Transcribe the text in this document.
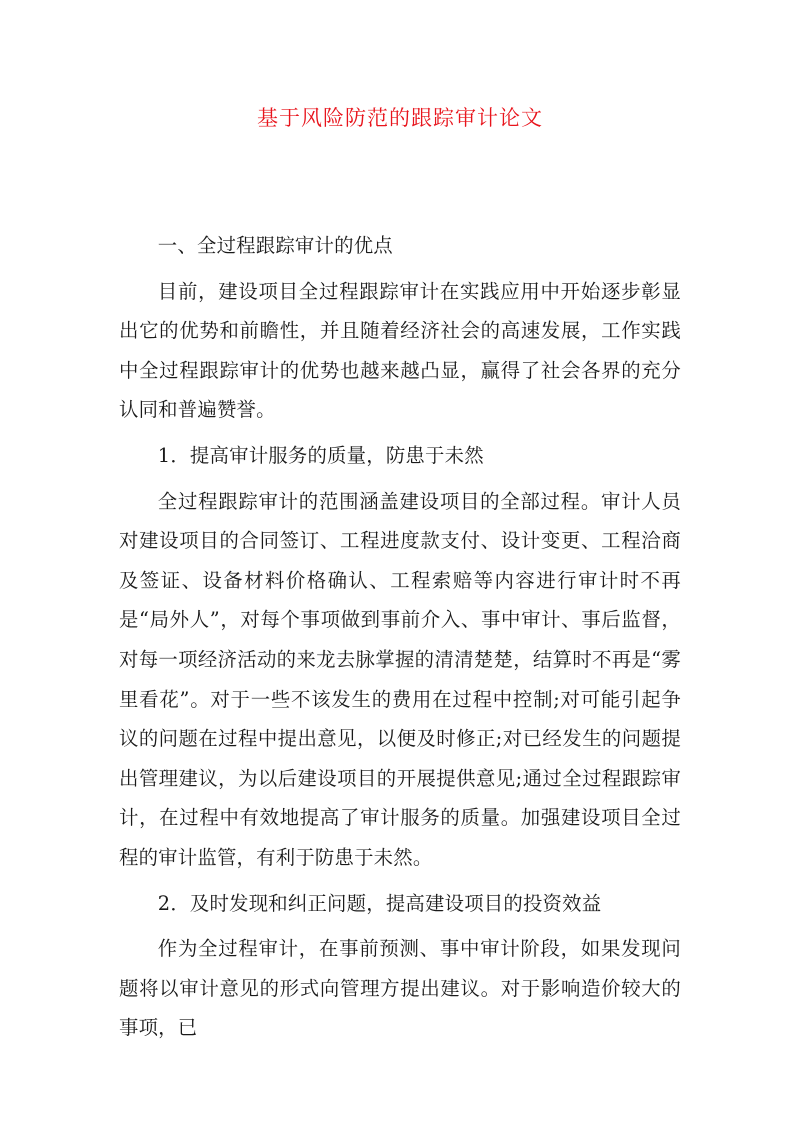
基于风险防范的跟踪审计论文

一、全过程跟踪审计的优点

目前，建设项目全过程跟踪审计在实践应用中开始逐步彰显出它的优势和前瞻性，并且随着经济社会的高速发展，工作实践中全过程跟踪审计的优势也越来越凸显，赢得了社会各界的充分认同和普遍赞誉。

1．提高审计服务的质量，防患于未然

全过程跟踪审计的范围涵盖建设项目的全部过程。审计人员对建设项目的合同签订、工程进度款支付、设计变更、工程洽商及签证、设备材料价格确认、工程索赔等内容进行审计时不再是“局外人”，对每个事项做到事前介入、事中审计、事后监督，对每一项经济活动的来龙去脉掌握的清清楚楚，结算时不再是“雾里看花”。对于一些不该发生的费用在过程中控制;对可能引起争议的问题在过程中提出意见，以便及时修正;对已经发生的问题提出管理建议，为以后建设项目的开展提供意见;通过全过程跟踪审计，在过程中有效地提高了审计服务的质量。加强建设项目全过程的审计监管，有利于防患于未然。

2．及时发现和纠正问题，提高建设项目的投资效益

作为全过程审计，在事前预测、事中审计阶段，如果发现问题将以审计意见的形式向管理方提出建议。对于影响造价较大的事项，已
